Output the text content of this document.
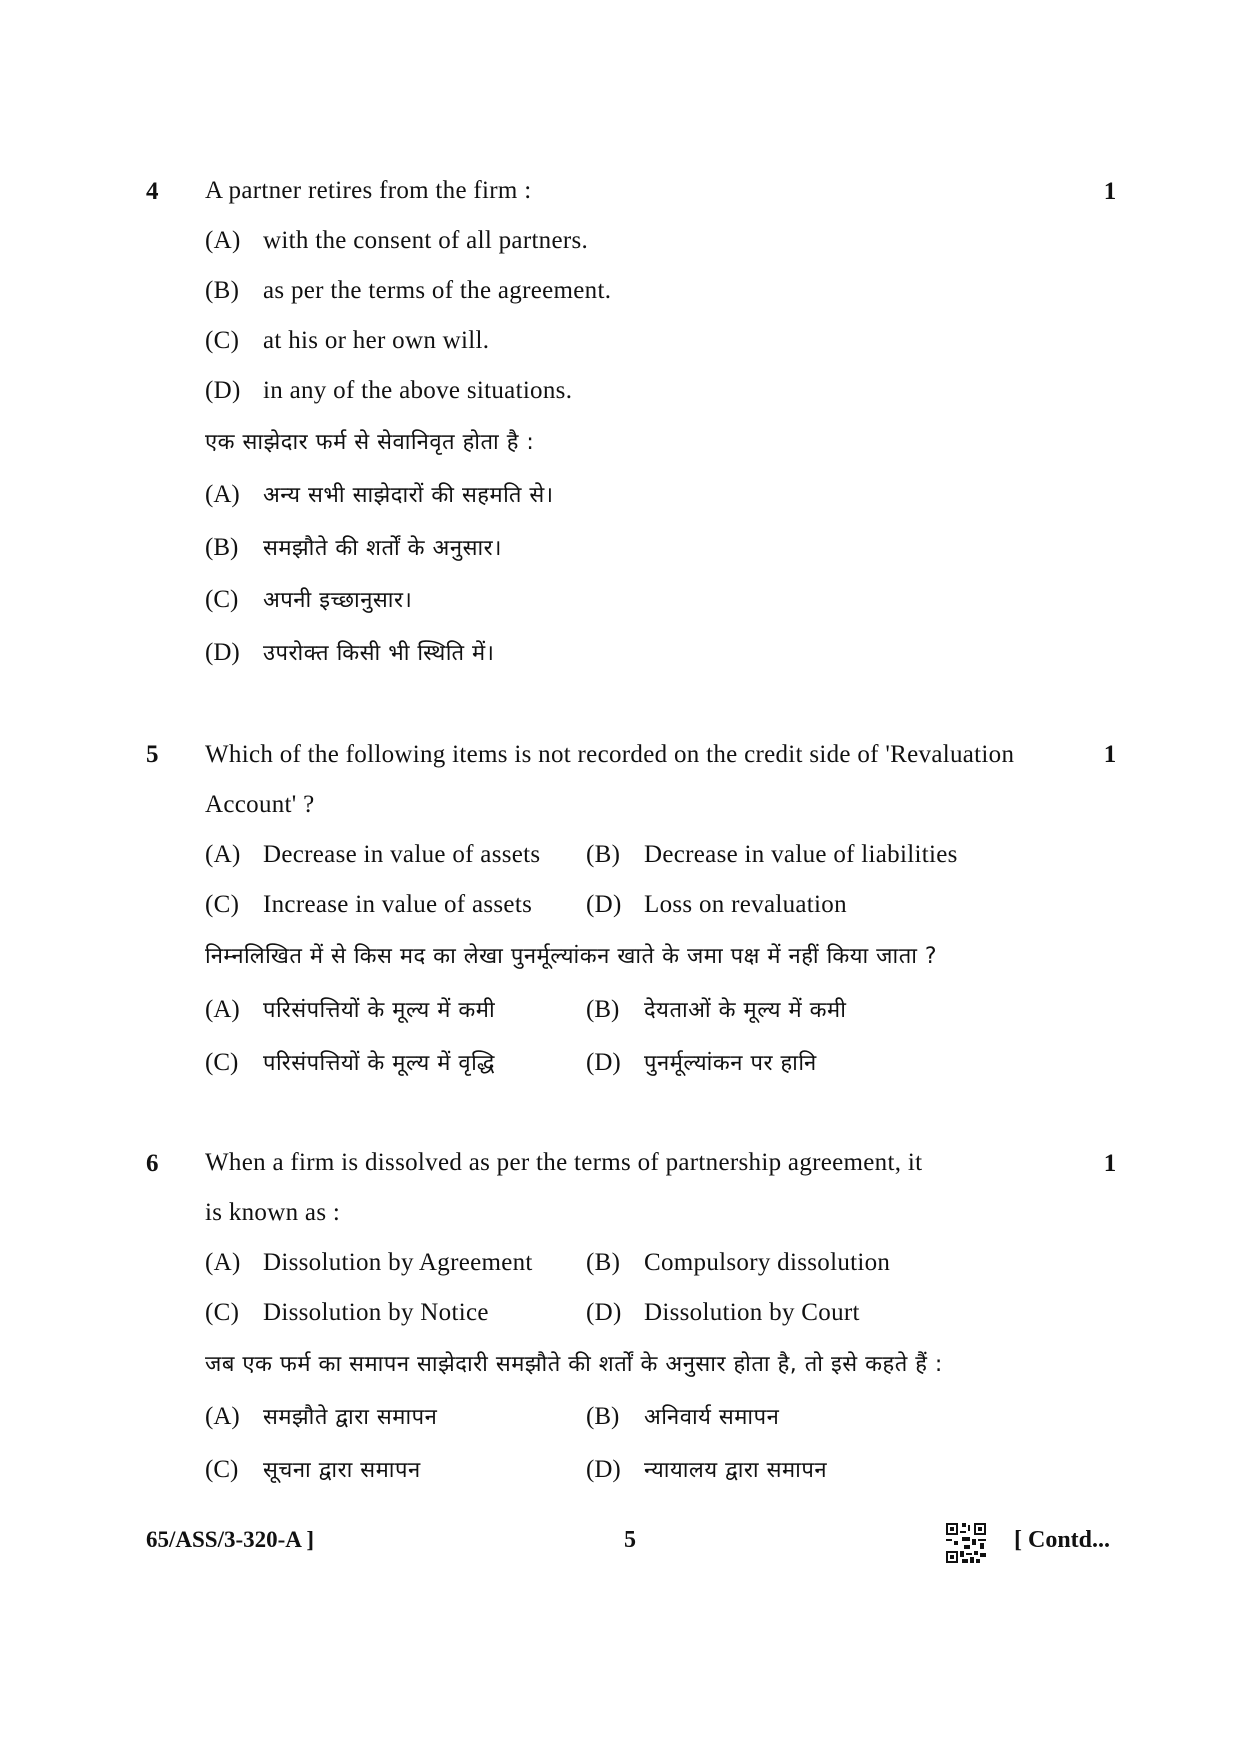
4	1
A partner retires from the firm :
(A) with the consent of all partners.
(B) as per the terms of the agreement.
(C) at his or her own will.
(D) in any of the above situations.
एक साझेदार फर्म से सेवानिवृत होता है :
(A) अन्य सभी साझेदारों की सहमति से।
(B) समझौते की शर्तों के अनुसार।
(C) अपनी इच्छानुसार।
(D) उपरोक्त किसी भी स्थिति में।
5	1
Which of the following items is not recorded on the credit side of 'Revaluation
Account' ?
(A) Decrease in value of assets (B) Decrease in value of liabilities
(C) Increase in value of assets (D) Loss on revaluation
निम्नलिखित में से किस मद का लेखा पुनर्मूल्यांकन खाते के जमा पक्ष में नहीं किया जाता ?
(A) परिसंपत्तियों के मूल्य में कमी	(B) देयताओं के मूल्य में कमी
(C) परिसंपत्तियों के मूल्य में वृद्धि	(D) पुनर्मूल्यांकन पर हानि
6	1
When a firm is dissolved as per the terms of partnership agreement, it
is known as :
(A) Dissolution by Agreement (B) Compulsory dissolution
(C) Dissolution by Notice	(D) Dissolution by Court
जब एक फर्म का समापन साझेदारी समझौते की शर्तों के अनुसार होता है, तो इसे कहते हैं :
(A) समझौते द्वारा समापन	(B) अनिवार्य समापन
(C) सूचना द्वारा समापन	(D) न्यायालय द्वारा समापन
65/ASS/3-320-A ]	5	[ Contd...
